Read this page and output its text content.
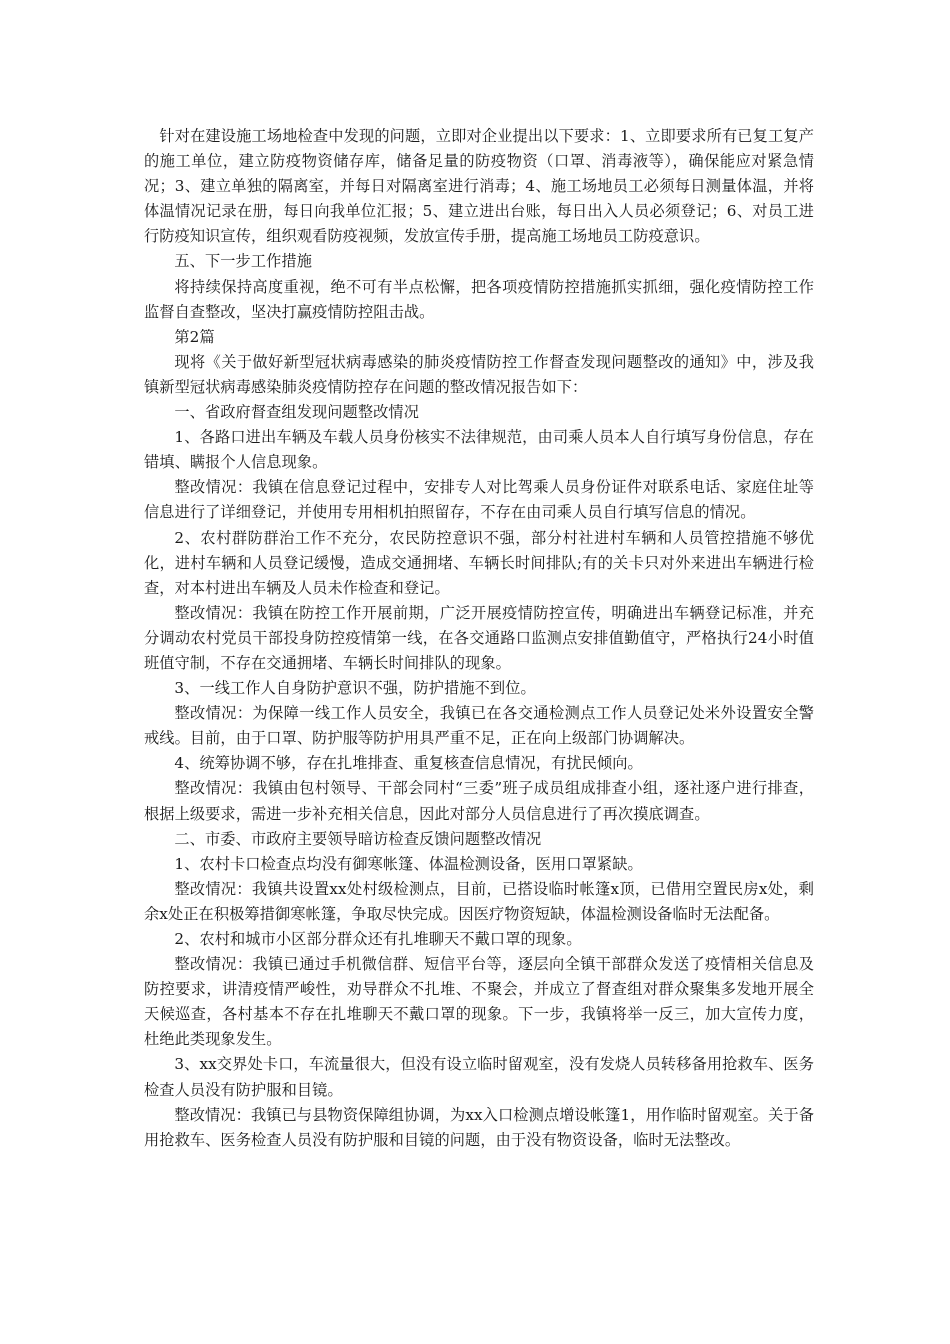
　针对在建设施工场地检查中发现的问题，立即对企业提出以下要求：1、立即要求所有已复工复产的施工单位，建立防疫物资储存库，储备足量的防疫物资（口罩、消毒液等），确保能应对紧急情况；3、建立单独的隔离室，并每日对隔离室进行消毒；4、施工场地员工必须每日测量体温，并将体温情况记录在册，每日向我单位汇报；5、建立进出台账，每日出入人员必须登记；6、对员工进行防疫知识宣传，组织观看防疫视频，发放宣传手册，提高施工场地员工防疫意识。

五、下一步工作措施

将持续保持高度重视，绝不可有半点松懈，把各项疫情防控措施抓实抓细，强化疫情防控工作监督自查整改，坚决打赢疫情防控阻击战。

第2篇

现将《关于做好新型冠状病毒感染的肺炎疫情防控工作督查发现问题整改的通知》中，涉及我镇新型冠状病毒感染肺炎疫情防控存在问题的整改情况报告如下：

一、省政府督查组发现问题整改情况

1、各路口进出车辆及车载人员身份核实不法律规范，由司乘人员本人自行填写身份信息，存在错填、瞒报个人信息现象。

整改情况：我镇在信息登记过程中，安排专人对比驾乘人员身份证件对联系电话、家庭住址等信息进行了详细登记，并使用专用相机拍照留存，不存在由司乘人员自行填写信息的情况。

2、农村群防群治工作不充分，农民防控意识不强，部分村社进村车辆和人员管控措施不够优化，进村车辆和人员登记缓慢，造成交通拥堵、车辆长时间排队;有的关卡只对外来进出车辆进行检查，对本村进出车辆及人员未作检查和登记。

整改情况：我镇在防控工作开展前期，广泛开展疫情防控宣传，明确进出车辆登记标准，并充分调动农村党员干部投身防控疫情第一线，在各交通路口监测点安排值勤值守，严格执行24小时值班值守制，不存在交通拥堵、车辆长时间排队的现象。

3、一线工作人自身防护意识不强，防护措施不到位。

整改情况：为保障一线工作人员安全，我镇已在各交通检测点工作人员登记处米外设置安全警戒线。目前，由于口罩、防护服等防护用具严重不足，正在向上级部门协调解决。

4、统筹协调不够，存在扎堆排查、重复核查信息情况，有扰民倾向。

整改情况：我镇由包村领导、干部会同村“三委”班子成员组成排查小组，逐社逐户进行排查，根据上级要求，需进一步补充相关信息，因此对部分人员信息进行了再次摸底调查。

二、市委、市政府主要领导暗访检查反馈问题整改情况

1、农村卡口检查点均没有御寒帐篷、体温检测设备，医用口罩紧缺。

整改情况：我镇共设置xx处村级检测点，目前，已搭设临时帐篷x顶，已借用空置民房x处，剩余x处正在积极筹措御寒帐篷，争取尽快完成。因医疗物资短缺，体温检测设备临时无法配备。

2、农村和城市小区部分群众还有扎堆聊天不戴口罩的现象。

整改情况：我镇已通过手机微信群、短信平台等，逐层向全镇干部群众发送了疫情相关信息及防控要求，讲清疫情严峻性，劝导群众不扎堆、不聚会，并成立了督查组对群众聚集多发地开展全天候巡查，各村基本不存在扎堆聊天不戴口罩的现象。下一步，我镇将举一反三，加大宣传力度，杜绝此类现象发生。

3、xx交界处卡口，车流量很大，但没有设立临时留观室，没有发烧人员转移备用抢救车、医务检查人员没有防护服和目镜。

整改情况：我镇已与县物资保障组协调，为xx入口检测点增设帐篷1，用作临时留观室。关于备用抢救车、医务检查人员没有防护服和目镜的问题，由于没有物资设备，临时无法整改。
